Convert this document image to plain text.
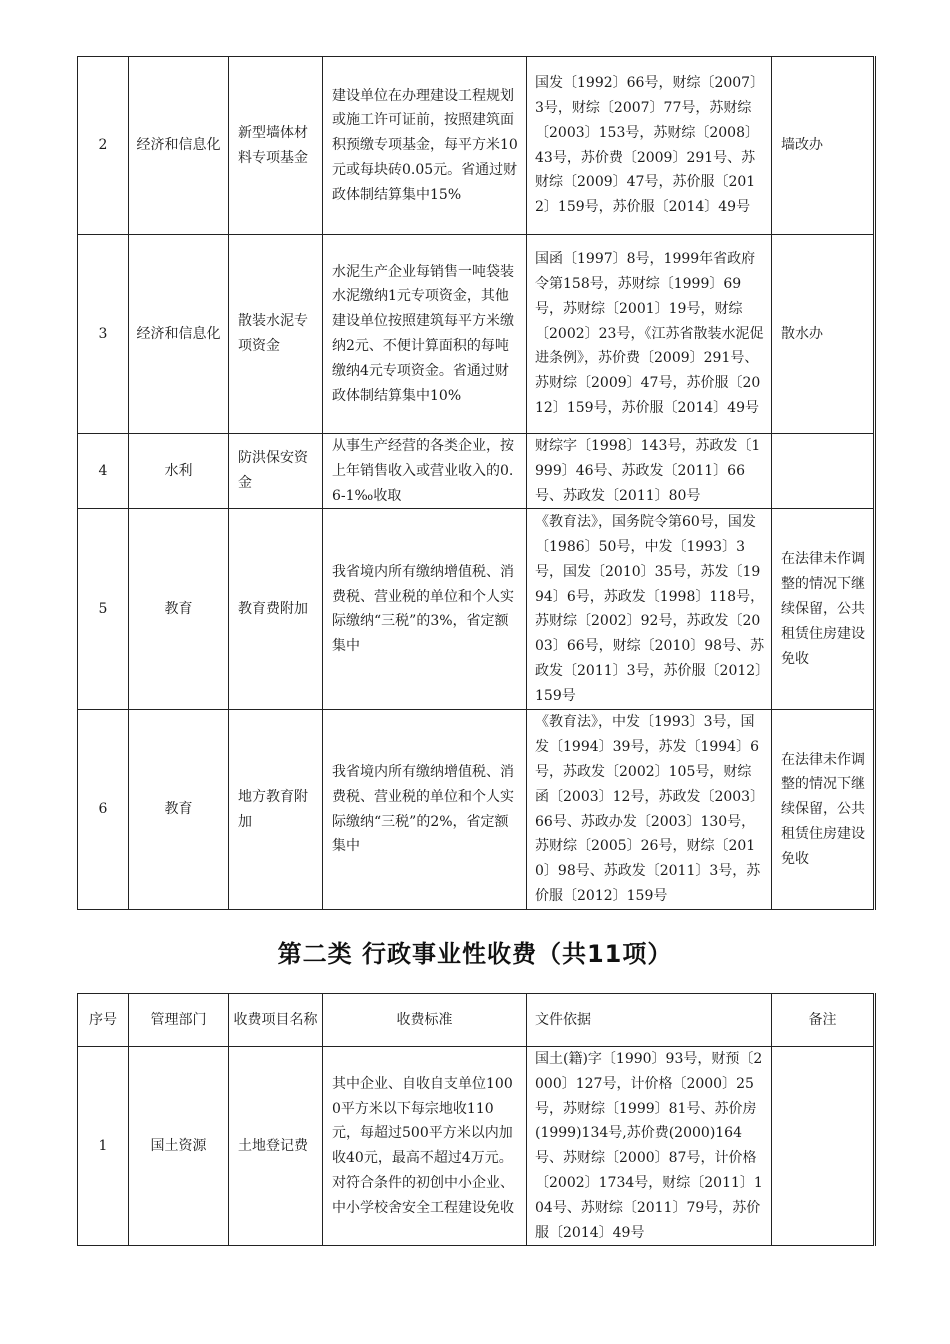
2	经济和信息化	新型墙体材料专项基金	建设单位在办理建设工程规划或施工许可证前，按照建筑面积预缴专项基金，每平方米10元或每块砖0.05元。省通过财政体制结算集中15%	国发〔1992〕66号，财综〔2007〕3号，财综〔2007〕77号，苏财综〔2003〕153号，苏财综〔2008〕43号，苏价费〔2009〕291号、苏财综〔2009〕47号，苏价服〔2012〕159号，苏价服〔2014〕49号	墙改办
3	经济和信息化	散装水泥专项资金	水泥生产企业每销售一吨袋装水泥缴纳1元专项资金，其他建设单位按照建筑每平方米缴纳2元、不便计算面积的每吨缴纳4元专项资金。省通过财政体制结算集中10%	国函〔1997〕8号，1999年省政府令第158号，苏财综〔1999〕69号，苏财综〔2001〕19号，财综〔2002〕23号，《江苏省散装水泥促进条例》，苏价费〔2009〕291号、苏财综〔2009〕47号，苏价服〔2012〕159号，苏价服〔2014〕49号	散水办
4	水利	防洪保安资金	从事生产经营的各类企业，按上年销售收入或营业收入的0.6-1‰收取	财综字〔1998〕143号，苏政发〔1999〕46号、苏政发〔2011〕66号、苏政发〔2011〕80号	
5	教育	教育费附加	我省境内所有缴纳增值税、消费税、营业税的单位和个人实际缴纳“三税”的3%，省定额集中	《教育法》，国务院令第60号，国发〔1986〕50号，中发〔1993〕3号，国发〔2010〕35号，苏发〔1994〕6号，苏政发〔1998〕118号，苏财综〔2002〕92号，苏政发〔2003〕66号，财综〔2010〕98号、苏政发〔2011〕3号，苏价服〔2012〕159号	在法律未作调整的情况下继续保留，公共租赁住房建设免收
6	教育	地方教育附加	我省境内所有缴纳增值税、消费税、营业税的单位和个人实际缴纳“三税”的2%，省定额集中	《教育法》，中发〔1993〕3号，国发〔1994〕39号，苏发〔1994〕6号，苏政发〔2002〕105号，财综函〔2003〕12号，苏政发〔2003〕66号、苏政办发〔2003〕130号，苏财综〔2005〕26号，财综〔2010〕98号、苏政发〔2011〕3号，苏价服〔2012〕159号	在法律未作调整的情况下继续保留，公共租赁住房建设免收
第二类 行政事业性收费（共11项）
序号	管理部门	收费项目名称	收费标准	文件依据	备注
1	国土资源	土地登记费	其中企业、自收自支单位1000平方米以下每宗地收110元，每超过500平方米以内加收40元，最高不超过4万元。对符合条件的初创中小企业、中小学校舍安全工程建设免收	国土(籍)字〔1990〕93号，财预〔2000〕127号，计价格〔2000〕25号，苏财综〔1999〕81号、苏价房(1999)134号,苏价费(2000)164号、苏财综〔2000〕87号，计价格〔2002〕1734号，财综〔2011〕104号、苏财综〔2011〕79号，苏价服〔2014〕49号	
